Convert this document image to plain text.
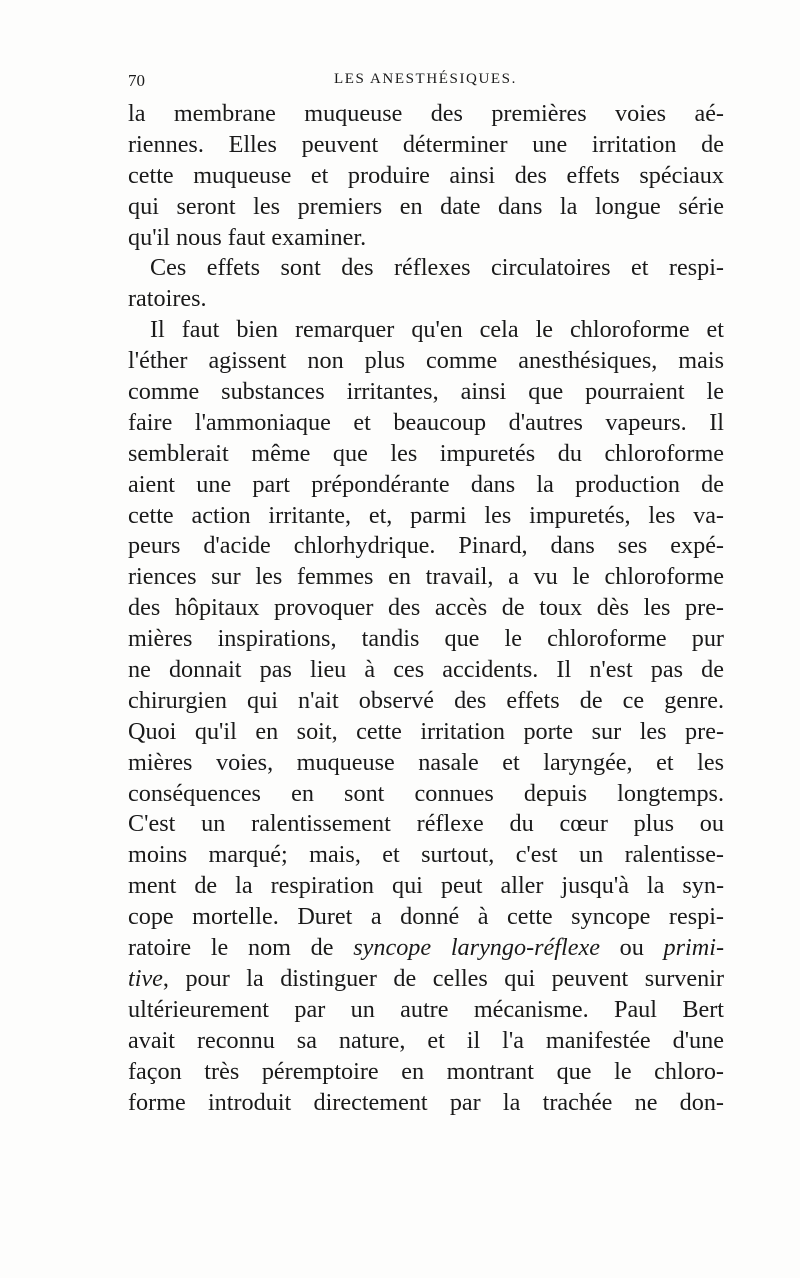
70	LES ANESTHÉSIQUES.
la membrane muqueuse des premières voies aé-
riennes. Elles peuvent déterminer une irritation de
cette muqueuse et produire ainsi des effets spéciaux
qui seront les premiers en date dans la longue série
qu'il nous faut examiner.
Ces effets sont des réflexes circulatoires et respi-
ratoires.
Il faut bien remarquer qu'en cela le chloroforme et
l'éther agissent non plus comme anesthésiques, mais
comme substances irritantes, ainsi que pourraient le
faire l'ammoniaque et beaucoup d'autres vapeurs. Il
semblerait même que les impuretés du chloroforme
aient une part prépondérante dans la production de
cette action irritante, et, parmi les impuretés, les va-
peurs d'acide chlorhydrique. Pinard, dans ses expé-
riences sur les femmes en travail, a vu le chloroforme
des hôpitaux provoquer des accès de toux dès les pre-
mières inspirations, tandis que le chloroforme pur
ne donnait pas lieu à ces accidents. Il n'est pas de
chirurgien qui n'ait observé des effets de ce genre.
Quoi qu'il en soit, cette irritation porte sur les pre-
mières voies, muqueuse nasale et laryngée, et les
conséquences en sont connues depuis longtemps.
C'est un ralentissement réflexe du cœur plus ou
moins marqué; mais, et surtout, c'est un ralentisse-
ment de la respiration qui peut aller jusqu'à la syn-
cope mortelle. Duret a donné à cette syncope respi-
ratoire le nom de syncope laryngo-réflexe ou primi-
tive, pour la distinguer de celles qui peuvent survenir
ultérieurement par un autre mécanisme. Paul Bert
avait reconnu sa nature, et il l'a manifestée d'une
façon très péremptoire en montrant que le chloro-
forme introduit directement par la trachée ne don-
